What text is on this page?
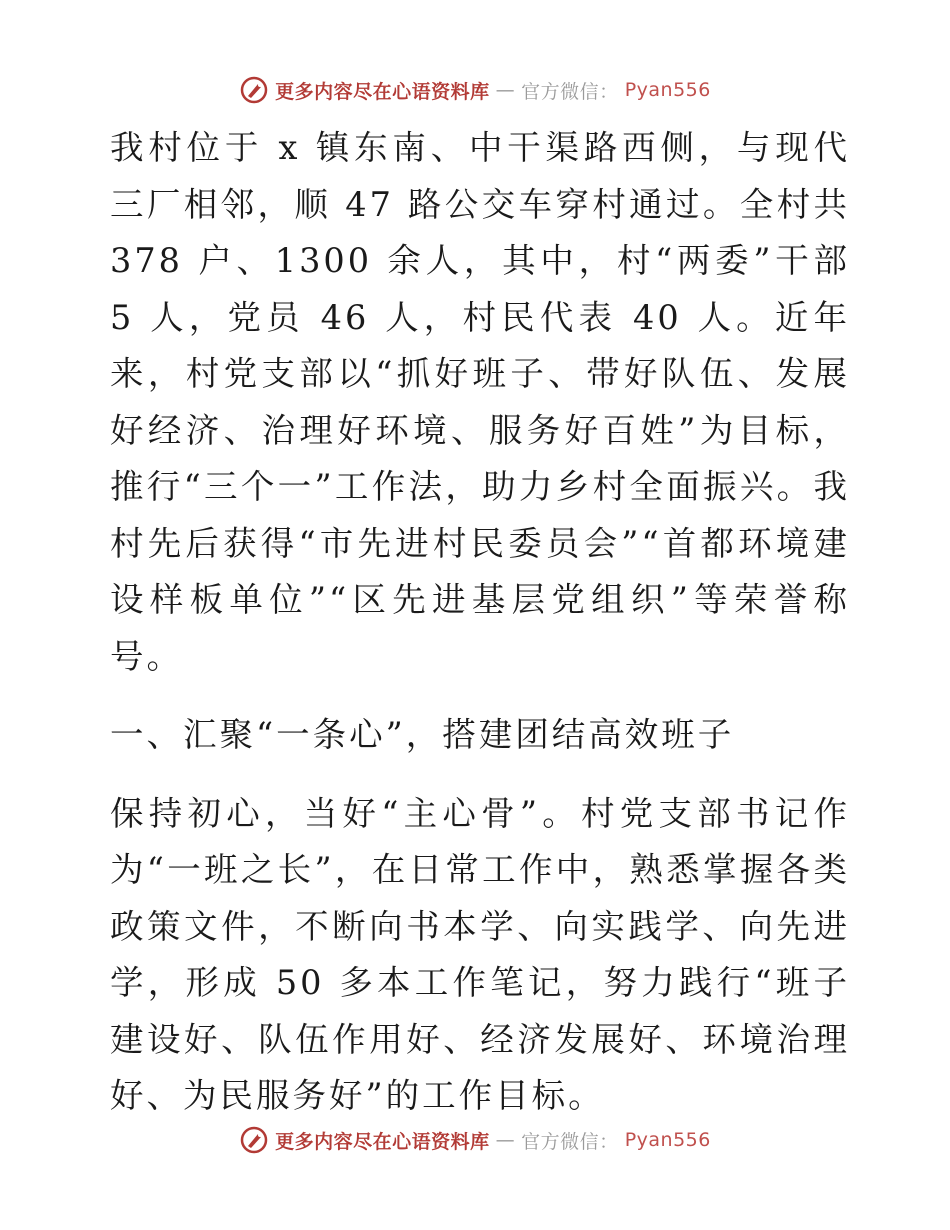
更多内容尽在心语资料库 — 官方微信： Pyan556

我村位于 x 镇东南、中干渠路西侧，与现代三厂相邻，顺 47 路公交车穿村通过。全村共 378 户、1300 余人，其中，村“两委”干部 5 人，党员 46 人，村民代表 40 人。近年来，村党支部以“抓好班子、带好队伍、发展好经济、治理好环境、服务好百姓”为目标，推行“三个一”工作法，助力乡村全面振兴。我村先后获得“市先进村民委员会”“首都环境建设样板单位”“区先进基层党组织”等荣誉称号。

一、汇聚“一条心”，搭建团结高效班子

保持初心，当好“主心骨”。村党支部书记作为“一班之长”，在日常工作中，熟悉掌握各类政策文件，不断向书本学、向实践学、向先进学，形成 50 多本工作笔记，努力践行“班子建设好、队伍作用好、经济发展好、环境治理好、为民服务好”的工作目标。

更多内容尽在心语资料库 — 官方微信： Pyan556
